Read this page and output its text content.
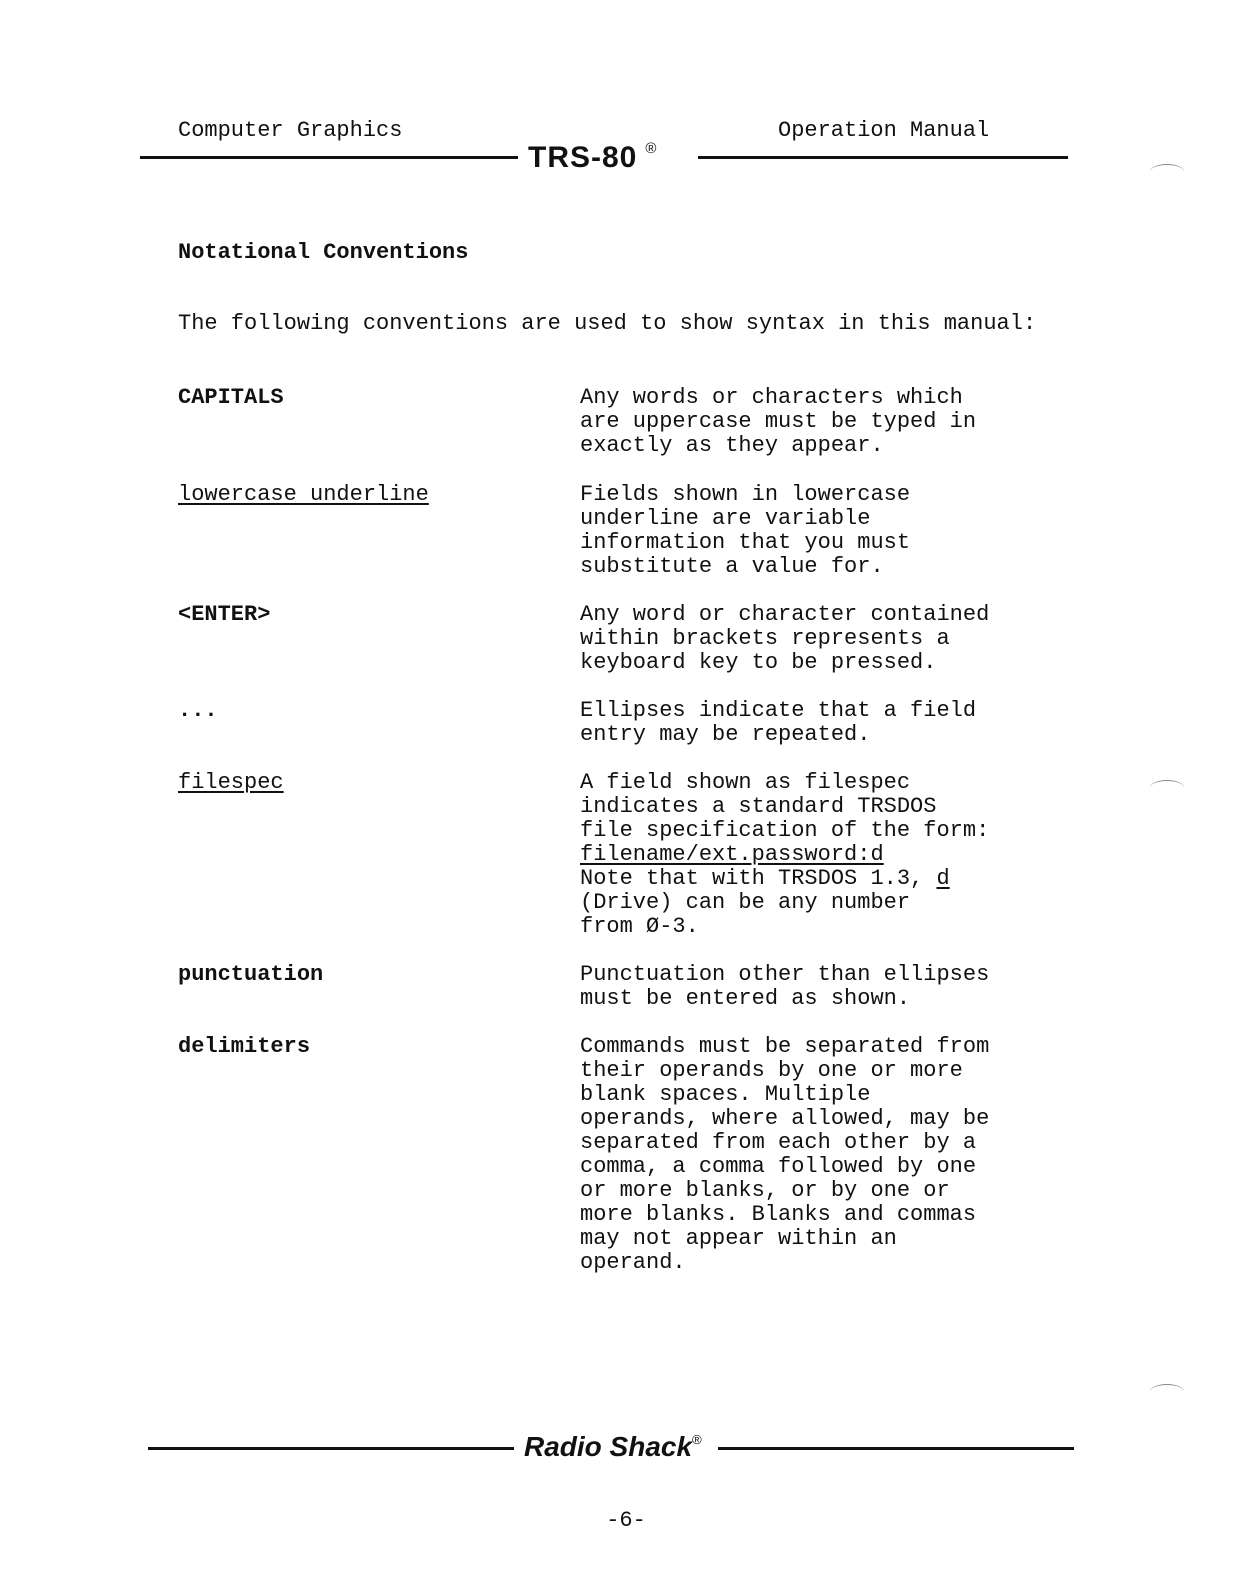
Computer Graphics	Operation Manual
TRS-80 ®
Notational Conventions
The following conventions are used to show syntax in this manual:
CAPITALS	Any words or characters which
are uppercase must be typed in
exactly as they appear.
lowercase underline	Fields shown in lowercase
underline are variable
information that you must
substitute a value for.
<ENTER>	Any word or character contained
within brackets represents a
keyboard key to be pressed.
...	Ellipses indicate that a field
entry may be repeated.
filespec	A field shown as filespec
indicates a standard TRSDOS
file specification of the form:
filename/ext.password:d
Note that with TRSDOS 1.3, d
(Drive) can be any number
from Ø-3.
punctuation	Punctuation other than ellipses
must be entered as shown.
delimiters	Commands must be separated from
their operands by one or more
blank spaces. Multiple
operands, where allowed, may be
separated from each other by a
comma, a comma followed by one
or more blanks, or by one or
more blanks. Blanks and commas
may not appear within an
operand.
Radio Shack®
-6-
